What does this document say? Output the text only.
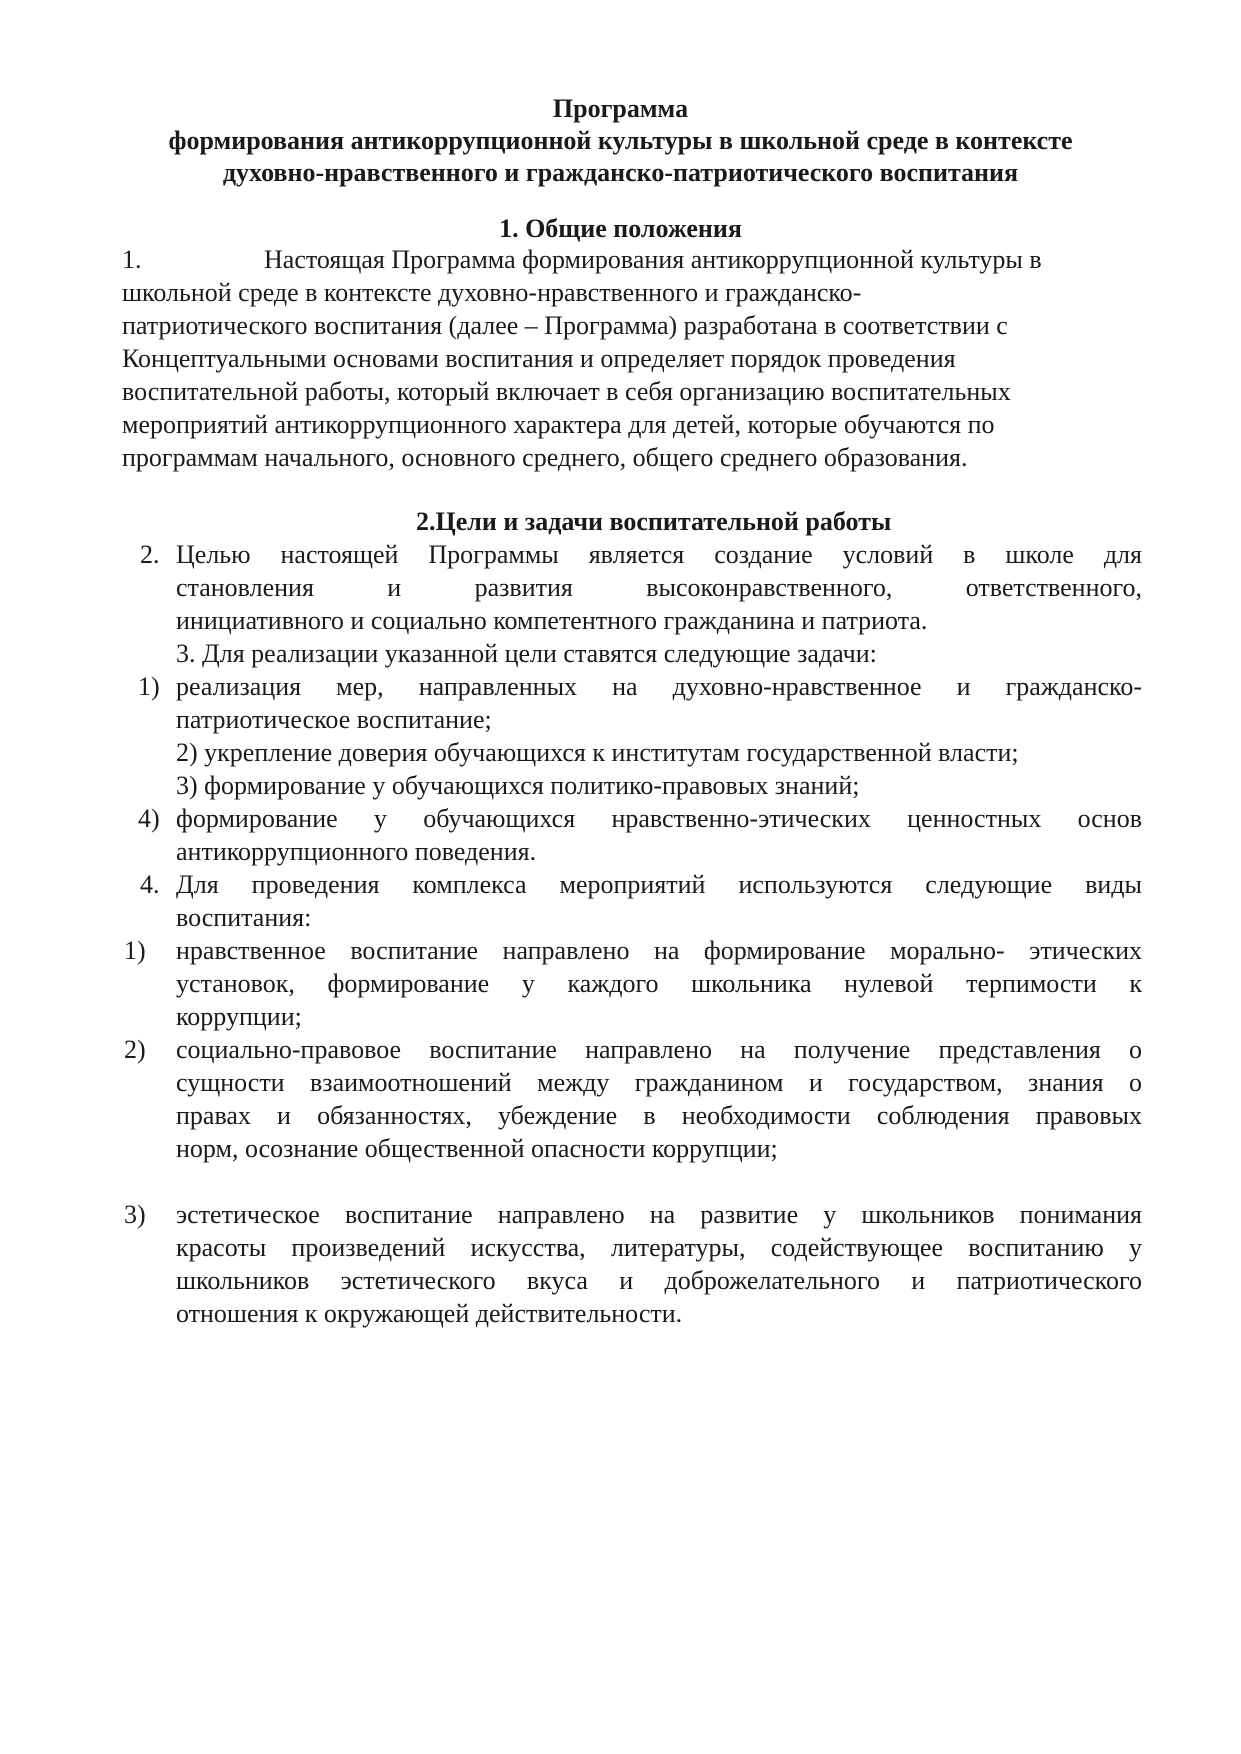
Программа
формирования антикоррупционной культуры в школьной среде в контексте
духовно-нравственного и гражданско-патриотического воспитания
1. Общие положения
1.	Настоящая Программа формирования антикоррупционной культуры в
школьной среде в контексте духовно-нравственного и гражданско-
патриотического воспитания (далее – Программа) разработана в соответствии с
Концептуальными основами воспитания и определяет порядок проведения
воспитательной работы, который включает в себя организацию воспитательных
мероприятий антикоррупционного характера для детей, которые обучаются по
программам начального, основного среднего, общего среднего образования.
2.Цели и задачи воспитательной работы
2. Целью настоящей Программы является создание условий в школе для
становления и развития высоконравственного, ответственного,
инициативного и социально компетентного гражданина и патриота.
3. Для реализации указанной цели ставятся следующие задачи:
1) реализация мер, направленных на духовно-нравственное и гражданско-
патриотическое воспитание;
2) укрепление доверия обучающихся к институтам государственной власти;
3) формирование у обучающихся политико-правовых знаний;
4) формирование у обучающихся нравственно-этических ценностных основ
антикоррупционного поведения.
4. Для проведения комплекса мероприятий используются следующие виды
воспитания:
1) нравственное воспитание направлено на формирование морально- этических
установок, формирование у каждого школьника нулевой терпимости к
коррупции;
2) социально-правовое воспитание направлено на получение представления о
сущности взаимоотношений между гражданином и государством, знания о
правах и обязанностях, убеждение в необходимости соблюдения правовых
норм, осознание общественной опасности коррупции;
3) эстетическое воспитание направлено на развитие у школьников понимания
красоты произведений искусства, литературы, содействующее воспитанию у
школьников эстетического вкуса и доброжелательного и патриотического
отношения к окружающей действительности.
